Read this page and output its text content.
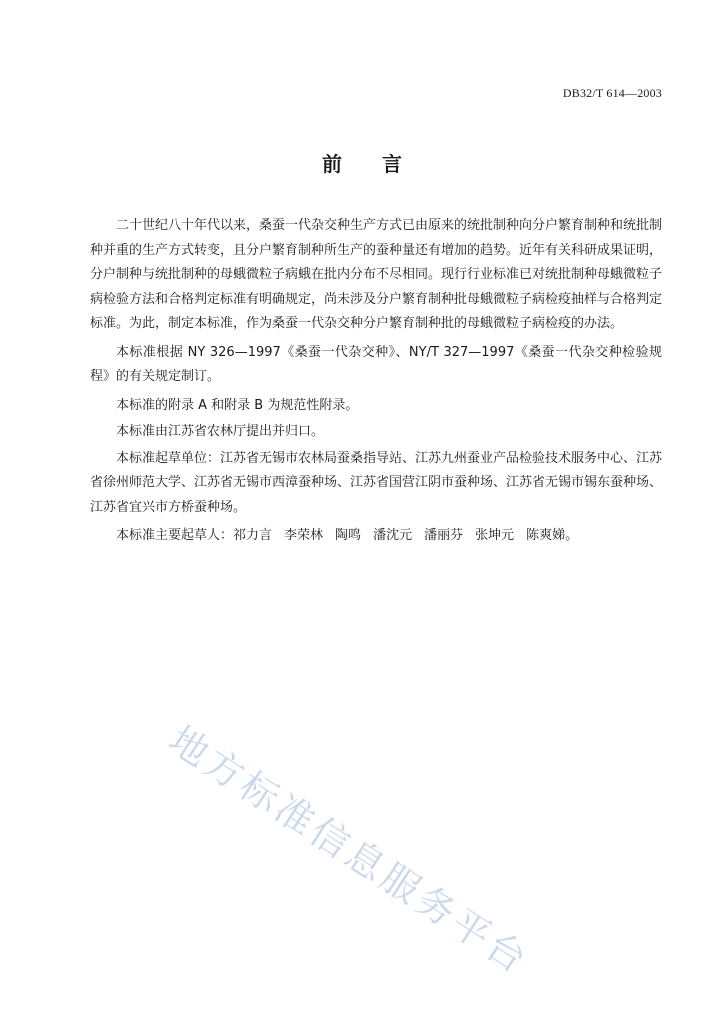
DB32/T 614—2003
前言

二十世纪八十年代以来，桑蚕一代杂交种生产方式已由原来的统批制种向分户繁育制种和统批制种并重的生产方式转变，且分户繁育制种所生产的蚕种量还有增加的趋势。近年有关科研成果证明，分户制种与统批制种的母蛾微粒子病蛾在批内分布不尽相同。现行行业标准已对统批制种母蛾微粒子病检验方法和合格判定标准有明确规定，尚未涉及分户繁育制种批母蛾微粒子病检疫抽样与合格判定标准。为此，制定本标准，作为桑蚕一代杂交种分户繁育制种批的母蛾微粒子病检疫的办法。

本标准根据 NY 326—1997《桑蚕一代杂交种》、NY/T 327—1997《桑蚕一代杂交种检验规程》的有关规定制订。

本标准的附录 A 和附录 B 为规范性附录。

本标准由江苏省农林厅提出并归口。

本标准起草单位：江苏省无锡市农林局蚕桑指导站、江苏九州蚕业产品检验技术服务中心、江苏省徐州师范大学、江苏省无锡市西漳蚕种场、江苏省国营江阴市蚕种场、江苏省无锡市锡东蚕种场、江苏省宜兴市方桥蚕种场。

本标准主要起草人：祁力言 李荣林 陶鸣 潘沈元 潘丽芬 张坤元 陈爽娣。

地方标准信息服务平台
